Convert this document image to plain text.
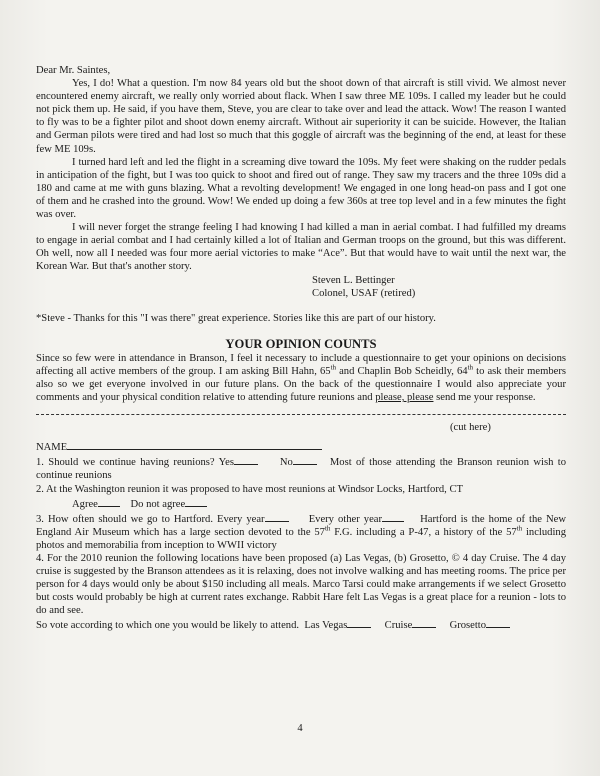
Dear Mr. Saintes,

Yes, I do! What a question. I'm now 84 years old but the shoot down of that aircraft is still vivid. We almost never encountered enemy aircraft, we really only worried about flack. When I saw three ME 109s. I called my leader but he could not pick them up. He said, if you have them, Steve, you are clear to take over and lead the attack. Wow! The reason I wanted to fly was to be a fighter pilot and shoot down enemy aircraft. Without air superiority it can be suicide. However, the Italian and German pilots were tired and had lost so much that this goggle of aircraft was the beginning of the end, at least for these few ME 109s.

I turned hard left and led the flight in a screaming dive toward the 109s. My feet were shaking on the rudder pedals in anticipation of the fight, but I was too quick to shoot and fired out of range. They saw my tracers and the three 109s did a 180 and came at me with guns blazing. What a revolting development! We engaged in one long head-on pass and I got one of them and he crashed into the ground. Wow! We ended up doing a few 360s at tree top level and in a few minutes the fight was over.

I will never forget the strange feeling I had knowing I had killed a man in aerial combat. I had fulfilled my dreams to engage in aerial combat and I had certainly killed a lot of Italian and German troops on the ground, but this was different. Oh well, now all I needed was four more aerial victories to make “Ace”. But that would have to wait until the next war, the Korean War. But that's another story.

Steven L. Bettinger

Colonel, USAF (retired)

*Steve - Thanks for this "I was there" great experience. Stories like this are part of our history.

YOUR OPINION COUNTS

Since so few were in attendance in Branson, I feel it necessary to include a questionnaire to get your opinions on decisions affecting all active members of the group. I am asking Bill Hahn, 65th and Chaplin Bob Scheidly, 64th to ask their members also so we get everyone involved in our future plans. On the back of the questionnaire I would also appreciate your comments and your physical condition relative to attending future reunions and please, please send me your response.

(cut here)

NAME

1. Should we continue having reunions? Yes	No	Most of those attending the Branson reunion wish to continue reunions

2. At the Washington reunion it was proposed to have most reunions at Windsor Locks, Hartford, CT

Agree	Do not agree

3. How often should we go to Hartford. Every year	Every other year	Hartford is the home of the New England Air Museum which has a large section devoted to the 57th F.G. including a P-47, a history of the 57th including photos and memorabilia from inception to WWII victory

4. For the 2010 reunion the following locations have been proposed (a) Las Vegas, (b) Grosetto, © 4 day Cruise. The 4 day cruise is suggested by the Branson attendees as it is relaxing, does not involve walking and has meeting rooms. The price per person for 4 days would only be about $150 including all meals. Marco Tarsi could make arrangements if we select Grosetto but costs would probably be high at current rates exchange. Rabbit Hare felt Las Vegas is a great place for a reunion - lots to do and see.

So vote according to which one you would be likely to attend. Las Vegas	Cruise	Grosetto

4
